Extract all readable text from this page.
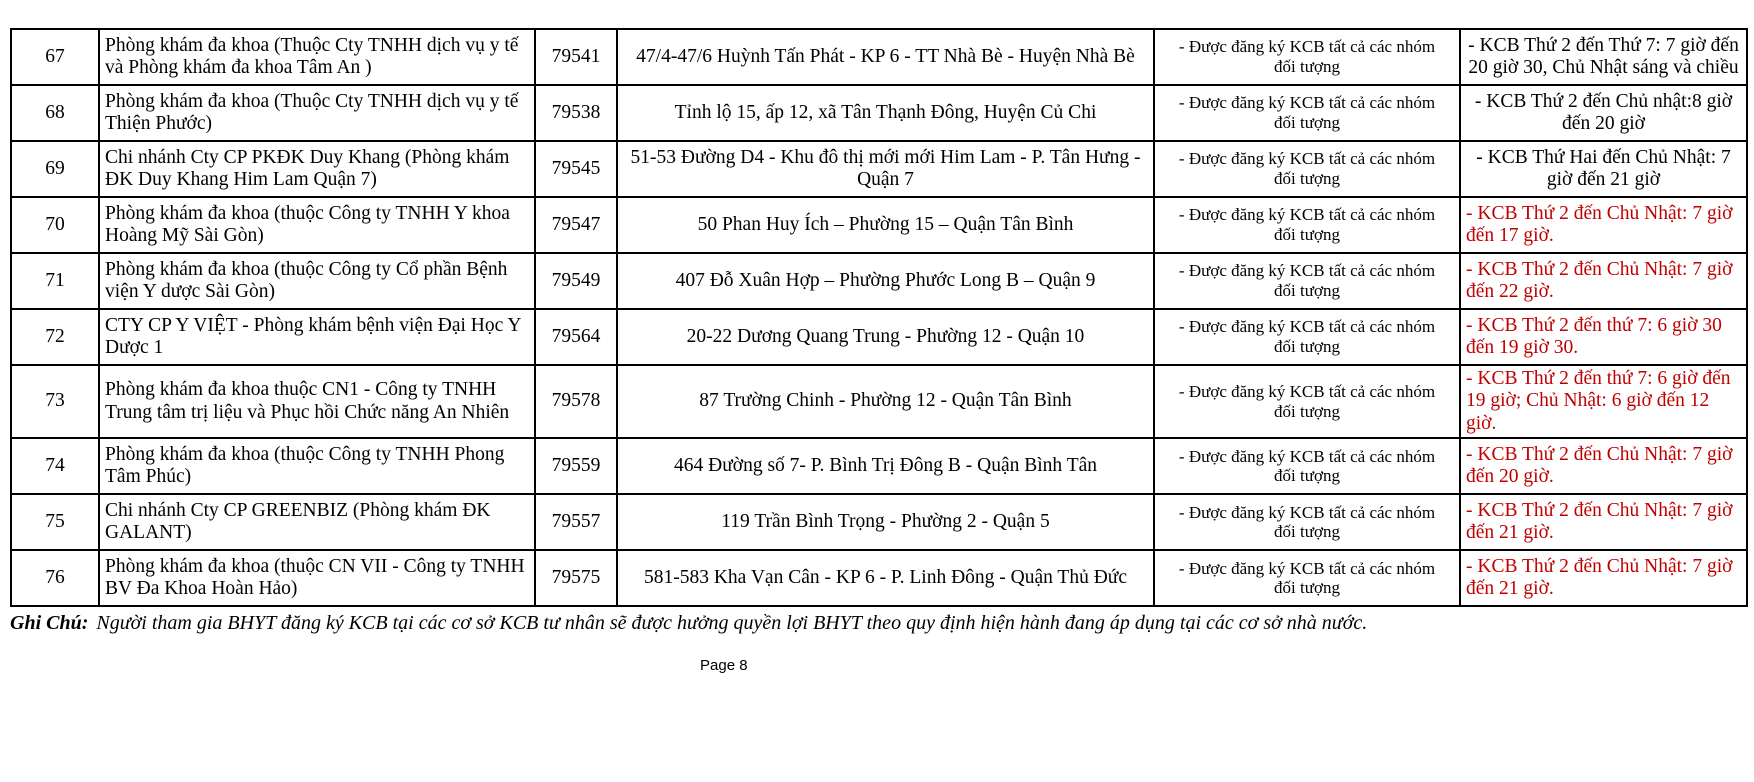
67	Phòng khám đa khoa (Thuộc Cty TNHH dịch vụ y tế và Phòng khám đa khoa Tâm An )	79541	47/4-47/6 Huỳnh Tấn Phát - KP 6 - TT Nhà Bè - Huyện Nhà Bè	- Được đăng ký KCB tất cả các nhóm đối tượng	- KCB Thứ 2 đến Thứ 7: 7 giờ đến 20 giờ 30, Chủ Nhật sáng và chiều
68	Phòng khám đa khoa (Thuộc Cty TNHH dịch vụ y tế Thiện Phước)	79538	Tỉnh lộ 15, ấp 12, xã Tân Thạnh Đông, Huyện Củ Chi	- Được đăng ký KCB tất cả các nhóm đối tượng	- KCB Thứ 2 đến Chủ nhật:8 giờ đến 20 giờ
69	Chi nhánh Cty CP PKĐK Duy Khang (Phòng khám ĐK Duy Khang Him Lam Quận 7)	79545	51-53 Đường D4 - Khu đô thị mới mới Him Lam - P. Tân Hưng - Quận 7	- Được đăng ký KCB tất cả các nhóm đối tượng	- KCB Thứ Hai đến Chủ Nhật: 7 giờ đến 21 giờ
70	Phòng khám đa khoa (thuộc Công ty TNHH Y khoa Hoàng Mỹ Sài Gòn)	79547	50 Phan Huy Ích – Phường 15 – Quận Tân Bình	- Được đăng ký KCB tất cả các nhóm đối tượng	- KCB Thứ 2 đến Chủ Nhật: 7 giờ đến 17 giờ.
71	Phòng khám đa khoa (thuộc Công ty Cổ phần Bệnh viện Y dược Sài Gòn)	79549	407 Đỗ Xuân Hợp – Phường Phước Long B – Quận 9	- Được đăng ký KCB tất cả các nhóm đối tượng	- KCB Thứ 2 đến Chủ Nhật: 7 giờ đến 22 giờ.
72	CTY CP Y VIỆT - Phòng khám bệnh viện Đại Học Y Dược 1	79564	20-22 Dương Quang Trung - Phường 12 - Quận 10	- Được đăng ký KCB tất cả các nhóm đối tượng	- KCB Thứ 2 đến thứ 7: 6 giờ 30 đến 19 giờ 30.
73	Phòng khám đa khoa thuộc CN1 - Công ty TNHH Trung tâm trị liệu và Phục hồi Chức năng An Nhiên	79578	87 Trường Chinh - Phường 12 - Quận Tân Bình	- Được đăng ký KCB tất cả các nhóm đối tượng	- KCB Thứ 2 đến thứ 7: 6 giờ đến 19 giờ; Chủ Nhật: 6 giờ đến 12 giờ.
74	Phòng khám đa khoa (thuộc Công ty TNHH Phong Tâm Phúc)	79559	464 Đường số 7- P. Bình Trị Đông B - Quận Bình Tân	- Được đăng ký KCB tất cả các nhóm đối tượng	- KCB Thứ 2 đến Chủ Nhật: 7 giờ đến 20 giờ.
75	Chi nhánh Cty CP GREENBIZ (Phòng khám ĐK GALANT)	79557	119 Trần Bình Trọng - Phường 2 - Quận 5	- Được đăng ký KCB tất cả các nhóm đối tượng	- KCB Thứ 2 đến Chủ Nhật: 7 giờ đến 21 giờ.
76	Phòng khám đa khoa (thuộc CN VII - Công ty TNHH BV Đa Khoa Hoàn Hảo)	79575	581-583 Kha Vạn Cân - KP 6 - P. Linh Đông - Quận Thủ Đức	- Được đăng ký KCB tất cả các nhóm đối tượng	- KCB Thứ 2 đến Chủ Nhật: 7 giờ đến 21 giờ.
Ghi Chú: Người tham gia BHYT đăng ký KCB tại các cơ sở KCB tư nhân sẽ được hưởng quyền lợi BHYT theo quy định hiện hành đang áp dụng tại các cơ sở nhà nước.
Page 8
